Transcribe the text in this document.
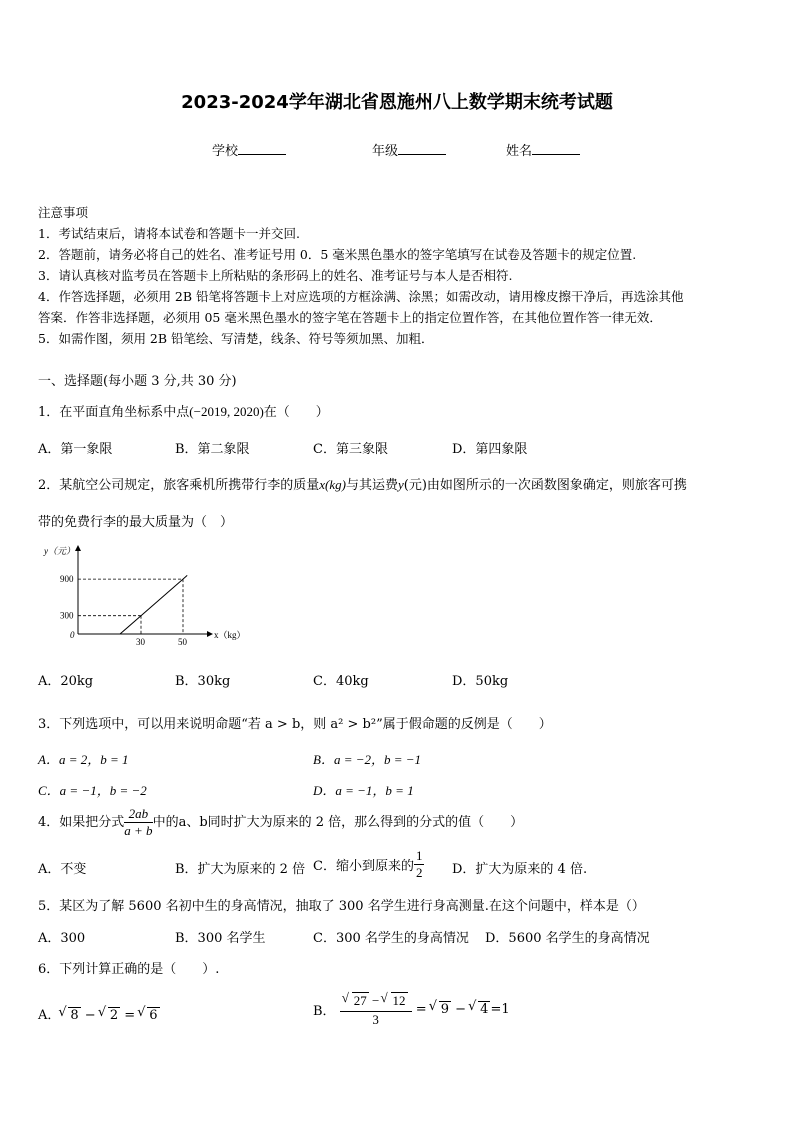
2023-2024学年湖北省恩施州八上数学期末统考试题
学校	年级	姓名
注意事项
1．考试结束后，请将本试卷和答题卡一并交回.
2．答题前，请务必将自己的姓名、准考证号用 0．5 毫米黑色墨水的签字笔填写在试卷及答题卡的规定位置.
3．请认真核对监考员在答题卡上所粘贴的条形码上的姓名、准考证号与本人是否相符.
4．作答选择题，必须用 2B 铅笔将答题卡上对应选项的方框涂满、涂黑；如需改动，请用橡皮擦干净后，再选涂其他
答案．作答非选择题，必须用 05 毫米黑色墨水的签字笔在答题卡上的指定位置作答，在其他位置作答一律无效．
5．如需作图，须用 2B 铅笔绘、写清楚，线条、符号等须加黑、加粗．
一、选择题(每小题 3 分,共 30 分)
1．在平面直角坐标系中点(−2019, 2020)在（　　）
A．第一象限	B．第二象限	C．第三象限	D．第四象限
2．某航空公司规定，旅客乘机所携带行李的质量x(kg)与其运费y(元)由如图所示的一次函数图象确定，则旅客可携
带的免费行李的最大质量为（　）
y（元）
x（kg）
0
30	50
300
900
A．20kg	B．30kg	C．40kg	D．50kg
3．下列选项中，可以用来说明命题“若 a > b，则 a² > b²”属于假命题的反例是（　　）
A．a = 2，b = 1	B．a = −2，b = −1
C．a = −1，b = −2	D．a = −1，b = 1
4．如果把分式 $\frac{2ab}{a + b}$ 中的a、b同时扩大为原来的 2 倍，那么得到的分式的值（　　）
A．不变	B．扩大为原来的 2 倍 C．缩小到原来的 $\frac{1}{2}$ D．扩大为原来的 4 倍.
5．某区为了解 5600 名初中生的身高情况，抽取了 300 名学生进行身高测量.在这个问题中，样本是（）
A．300	B．300 名学生	C．300 名学生的身高情况 D．5600 名学生的身高情况
6．下列计算正确的是（　　）.
A． √ 8 − √ 2 = √ 6	B． √ $\frac{27 - √ 12}{3}$ = √ 9 − √ 4 =1
